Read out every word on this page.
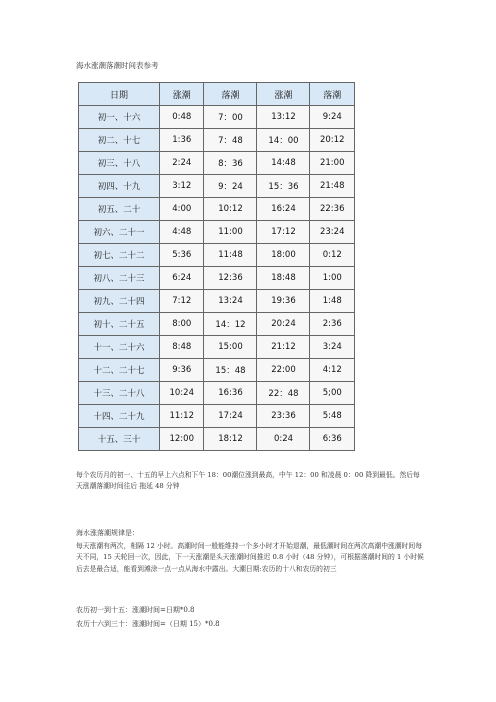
海水涨潮落潮时间表参考
日期	涨潮	落潮	涨潮	落潮
初一、十六	0:48	7：00	13:12	9:24
初二、十七	1:36	7：48	14：00	20:12
初三、十八	2:24	8：36	14:48	21:00
初四、十九	3:12	9：24	15：36	21:48
初五、二十	4:00	10:12	16:24	22:36
初六、二十一	4:48	11:00	17:12	23:24
初七、二十二	5:36	11:48	18:00	0:12
初八、二十三	6:24	12:36	18:48	1:00
初九、二十四	7:12	13:24	19:36	1:48
初十、二十五	8:00	14：12	20:24	2:36
十一、二十六	8:48	15:00	21:12	3:24
十二、二十七	9:36	15：48	22:00	4:12
十三、二十八	10:24	16:36	22：48	5;00
十四、二十九	11:12	17:24	23:36	5:48
十五、三十	12:00	18:12	0:24	6:36
每个农历月的初一、十五的早上六点和下午 18：00潮位涨到最高，中午 12：00 和凌晨 0：00 降到最低。然后每天涨潮落潮时间往后 拖延 48 分钟
海水涨落潮规律是：
每天涨潮有两次，相隔 12 小时。高潮时间一般能维持一个多小时才开始退潮，最低潮时间在两次高潮中涨潮时间每天不同，15 天轮回一次，因此，下一天涨潮是头天涨潮时间推迟 0.8 小时（48 分钟），可根据落潮时间的 1 小时候后去是最合适，能看到滩涂一点一点从海水中露出。大潮日期:农历的十八和农历的初三
农历初一到十五：涨潮时间=日期*0.8
农历十六到三十：涨潮时间=（日期 15）*0.8
